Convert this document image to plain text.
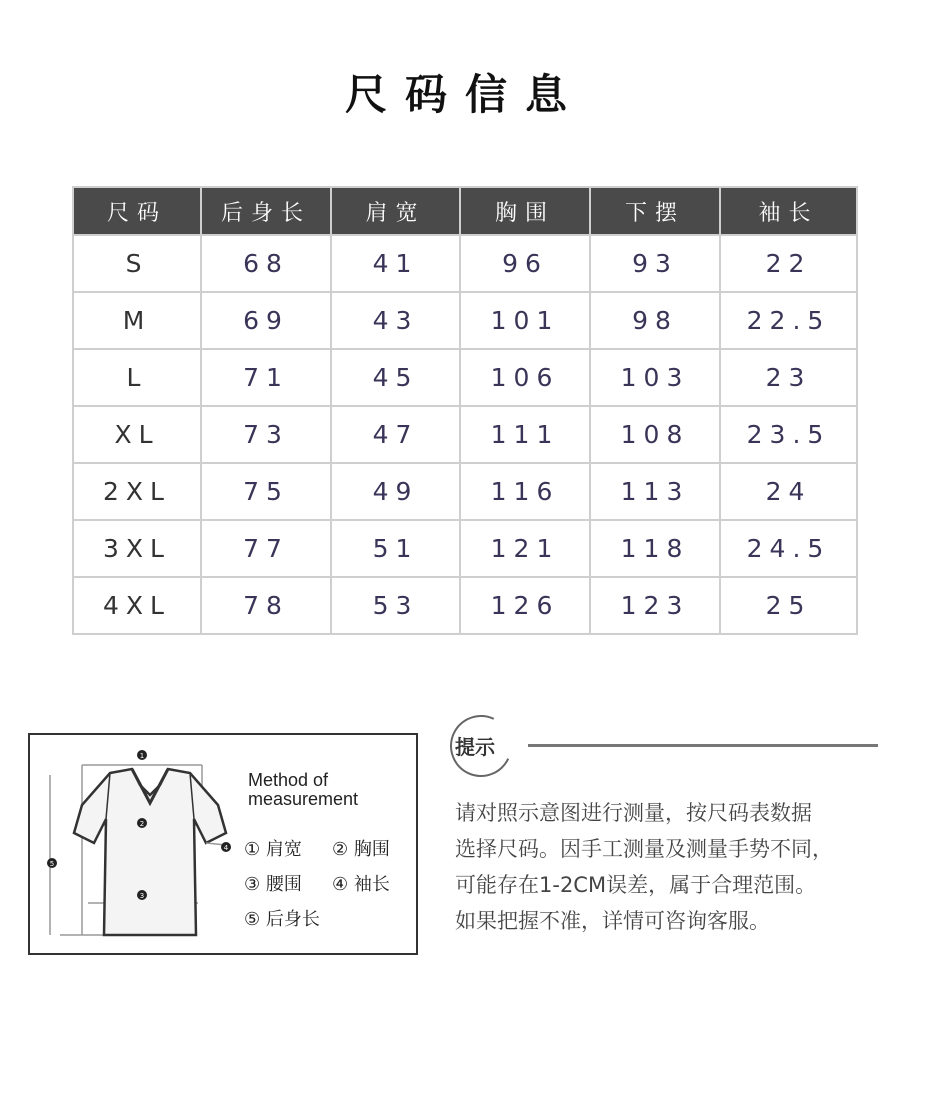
尺码信息
尺码	后身长	肩宽	胸围	下摆	袖长
S	68	41	96	93	22
M	69	43	101	98	22.5
L	71	45	106	103	23
XL	73	47	111	108	23.5
2XL	75	49	116	113	24
3XL	77	51	121	118	24.5
4XL	78	53	126	123	25
1
2
3
4
5
Method of
measurement
① 肩宽 ② 胸围
③ 腰围 ④ 袖长
⑤ 后身长
提示
请对照示意图进行测量，按尺码表数据
选择尺码。因手工测量及测量手势不同，
可能存在1-2CM误差，属于合理范围。
如果把握不准，详情可咨询客服。
